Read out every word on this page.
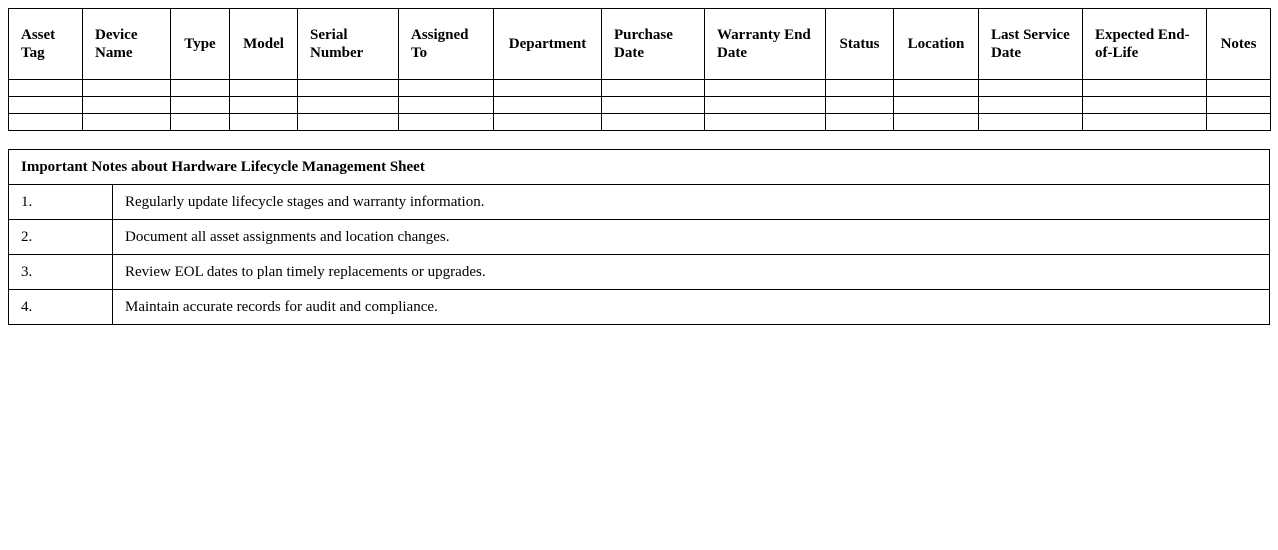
Asset Tag	Device Name	Type	Model	Serial Number	Assigned To	Department	Purchase Date	Warranty End Date	Status	Location	Last Service Date	Expected End-of-Life	Notes

Important Notes about Hardware Lifecycle Management Sheet	
1.	Regularly update lifecycle stages and warranty information.
2.	Document all asset assignments and location changes.
3.	Review EOL dates to plan timely replacements or upgrades.
4.	Maintain accurate records for audit and compliance.
